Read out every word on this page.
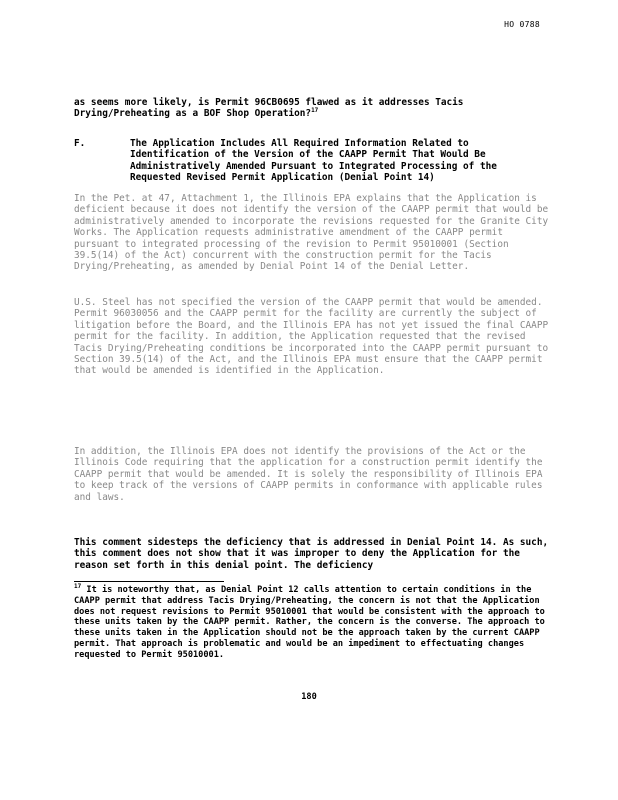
HO 0788

as seems more likely, is Permit 96CB0695 flawed as it addresses Tacis Drying/Preheating as a BOF Shop Operation?$^{17}$

F.	The Application Includes All Required Information Related to Identification of the Version of the CAAPP Permit That Would Be Administratively Amended Pursuant to Integrated Processing of the Requested Revised Permit Application (Denial Point 14)

In the Pet. at 47, Attachment 1, the Illinois EPA explains that the Application is deficient because it does not identify the version of the CAAPP permit that would be administratively amended to incorporate the revisions requested for the Granite City Works. The Application requests administrative amendment of the CAAPP permit pursuant to integrated processing of the revision to Permit 95010001 (Section 39.5(14) of the Act) concurrent with the construction permit for the Tacis Drying/Preheating, as amended by Denial Point 14 of the Denial Letter.

U.S. Steel has not specified the version of the CAAPP permit that would be amended. Permit 96030056 and the CAAPP permit for the facility are currently the subject of litigation before the Board, and the Illinois EPA has not yet issued the final CAAPP permit for the facility. In addition, the Application requested that the revised Tacis Drying/Preheating conditions be incorporated into the CAAPP permit pursuant to Section 39.5(14) of the Act, and the Illinois EPA must ensure that the CAAPP permit that would be amended is identified in the Application.

In addition, the Illinois EPA does not identify the provisions of the Act or the Illinois Code requiring that the application for a construction permit identify the CAAPP permit that would be amended. It is solely the responsibility of Illinois EPA to keep track of the versions of CAAPP permits in conformance with applicable rules and laws.

This comment sidesteps the deficiency that is addressed in Denial Point 14. As such, this comment does not show that it was improper to deny the Application for the reason set forth in this denial point. The deficiency

$^{17}$ It is noteworthy that, as Denial Point 12 calls attention to certain conditions in the CAAPP permit that address Tacis Drying/Preheating, the concern is not that the Application does not request revisions to Permit 95010001 that would be consistent with the approach to these units taken by the CAAPP permit. Rather, the concern is the converse. The approach to these units taken in the Application should not be the approach taken by the current CAAPP permit. That approach is problematic and would be an impediment to effectuating changes requested to Permit 95010001.

180
